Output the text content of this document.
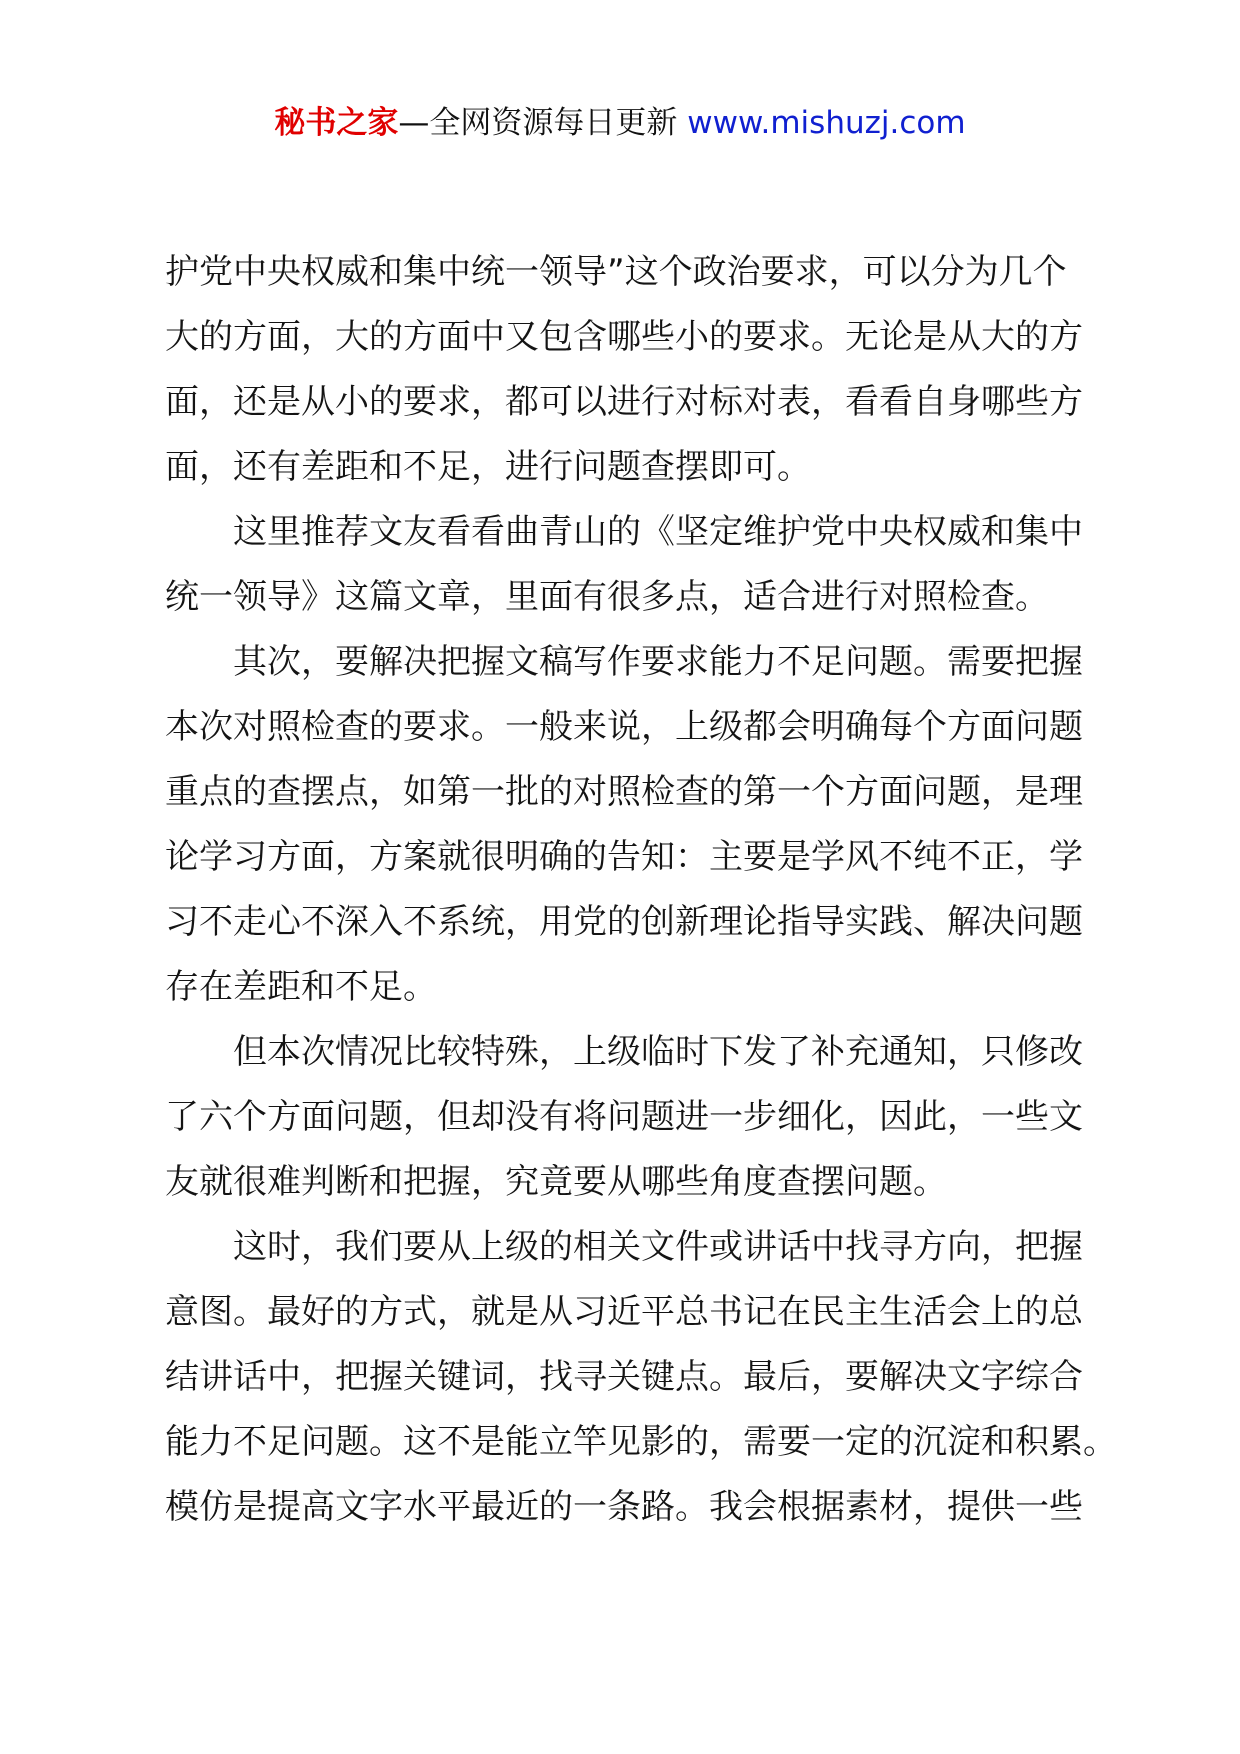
秘书之家—全网资源每日更新 www.mishuzj.com
护党中央权威和集中统一领导”这个政治要求，可以分为几个
大的方面，大的方面中又包含哪些小的要求。无论是从大的方
面，还是从小的要求，都可以进行对标对表，看看自身哪些方
面，还有差距和不足，进行问题查摆即可。
这里推荐文友看看曲青山的《坚定维护党中央权威和集中
统一领导》这篇文章，里面有很多点，适合进行对照检查。
其次，要解决把握文稿写作要求能力不足问题。需要把握
本次对照检查的要求。一般来说，上级都会明确每个方面问题
重点的查摆点，如第一批的对照检查的第一个方面问题，是理
论学习方面，方案就很明确的告知：主要是学风不纯不正，学
习不走心不深入不系统，用党的创新理论指导实践、解决问题
存在差距和不足。
但本次情况比较特殊，上级临时下发了补充通知，只修改
了六个方面问题，但却没有将问题进一步细化，因此，一些文
友就很难判断和把握，究竟要从哪些角度查摆问题。
这时，我们要从上级的相关文件或讲话中找寻方向，把握
意图。最好的方式，就是从习近平总书记在民主生活会上的总
结讲话中，把握关键词，找寻关键点。最后，要解决文字综合
能力不足问题。这不是能立竿见影的，需要一定的沉淀和积累。
模仿是提高文字水平最近的一条路。我会根据素材，提供一些
